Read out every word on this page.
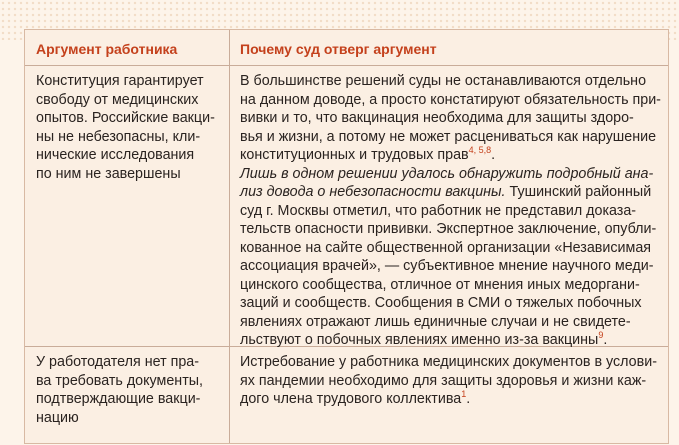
Аргумент работника	Почему суд отверг аргумент

Конституция гарантирует
свободу от медицинских
опытов. Российские вакци-
ны не небезопасны, кли-
нические исследования
по ним не завершены

В большинстве решений суды не останавливаются отдельно
на данном доводе, а просто констатируют обязательность при-
вивки и то, что вакцинация необходима для защиты здоро-
вья и жизни, а потому не может расцениваться как нарушение
конституционных и трудовых прав$^{4, 5,8}$.
Лишь в одном решении удалось обнаружить подробный ана-
лиз довода о небезопасности вакцины. Тушинский районный
суд г. Москвы отметил, что работник не представил доказа-
тельств опасности прививки. Экспертное заключение, опубли-
кованное на сайте общественной организации «Независимая
ассоциация врачей», — субъективное мнение научного меди-
цинского сообщества, отличное от мнения иных медоргани-
заций и сообществ. Сообщения в СМИ о тяжелых побочных
явлениях отражают лишь единичные случаи и не свидете-
льствуют о побочных явлениях именно из-за вакцины$^9$.

У работодателя нет пра-
ва требовать документы,
подтверждающие вакци-
нацию

Истребование у работника медицинских документов в услови-
ях пандемии необходимо для защиты здоровья и жизни каж-
дого члена трудового коллектива$^1$.
